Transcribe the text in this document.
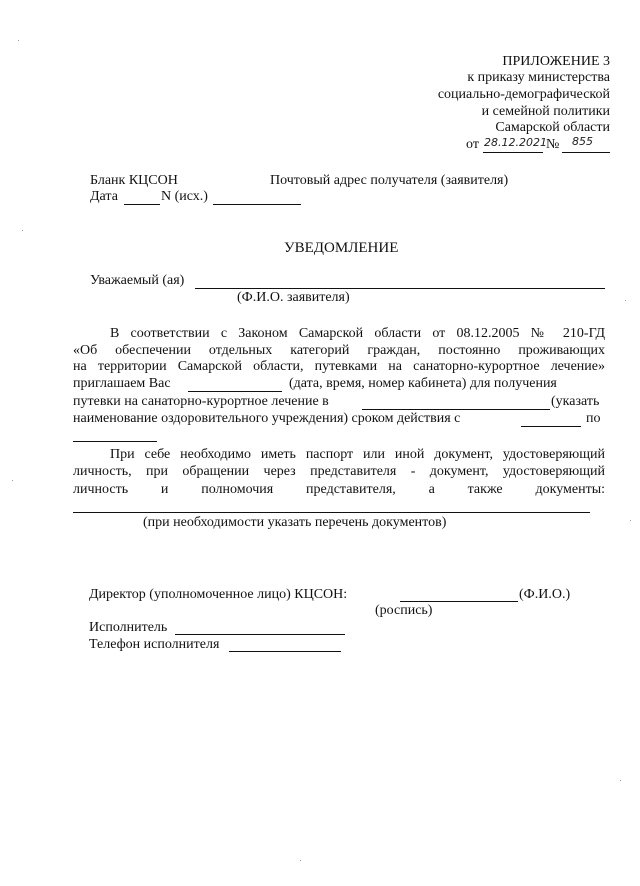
ПРИЛОЖЕНИЕ 3
к приказу министерства
социально-демографической
и семейной политики
Самарской области
от 28.12.2021 № 855
Бланк КЦСОН
Дата	N (исх.)
Почтовый адрес получателя (заявителя)
УВЕДОМЛЕНИЕ
Уважаемый (ая)
(Ф.И.О. заявителя)
В соответствии с Законом Самарской области от 08.12.2005 № 210-ГД
«Об обеспечении отдельных категорий граждан, постоянно проживающих
на территории Самарской области, путевками на санаторно-курортное лечение»
приглашаем Вас	(дата, время, номер кабинета) для получения
путевки на санаторно-курортное лечение в	(указать
наименование оздоровительного учреждения) сроком действия с	по
При себе необходимо иметь паспорт или иной документ, удостоверяющий
личность, при обращении через представителя - документ, удостоверяющий
личность и полномочия представителя, а также документы:
(при необходимости указать перечень документов)
Директор (уполномоченное лицо) КЦСОН:	(Ф.И.О.)
(роспись)
Исполнитель
Телефон исполнителя
